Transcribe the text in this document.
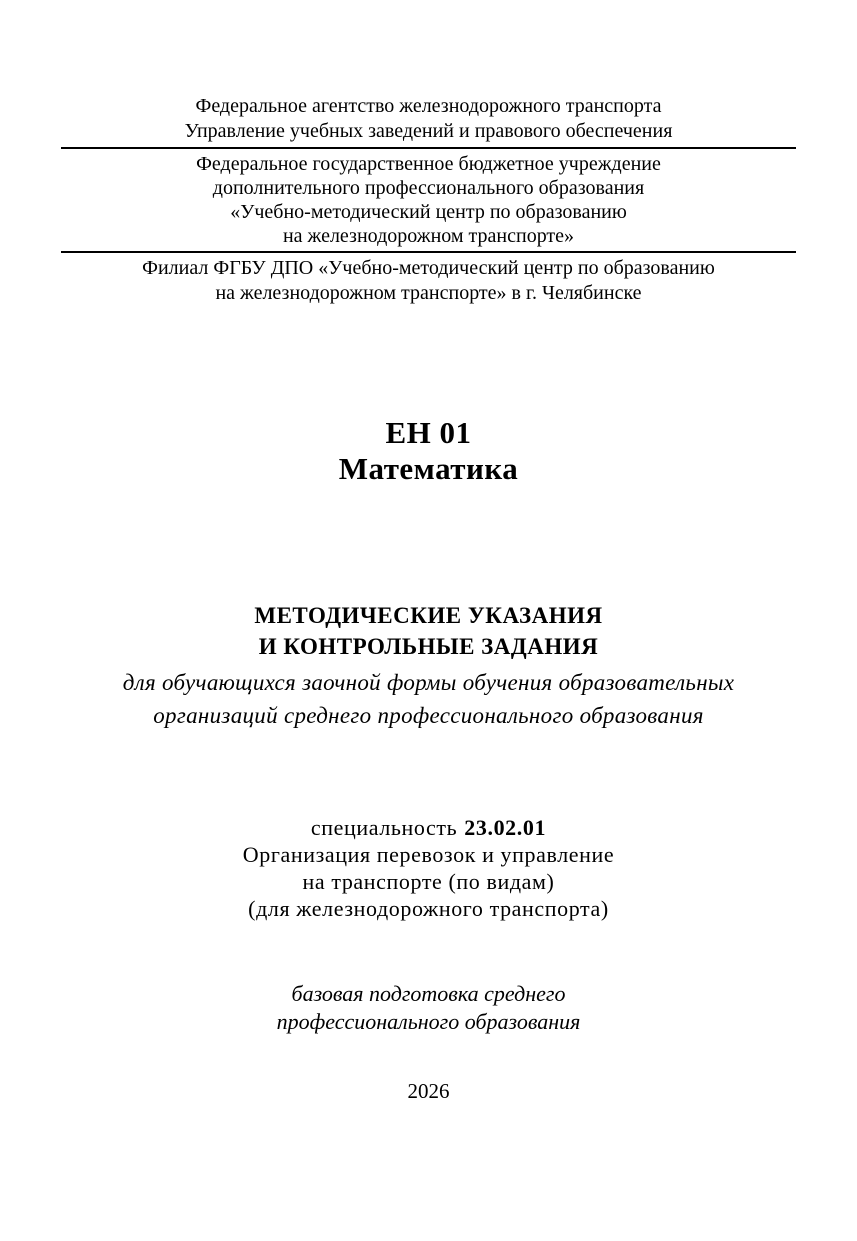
Федеральное агентство железнодорожного транспорта
Управление учебных заведений и правового обеспечения
Федеральное государственное бюджетное учреждение
дополнительного профессионального образования
«Учебно-методический центр по образованию
на железнодорожном транспорте»
Филиал ФГБУ ДПО «Учебно-методический центр по образованию
на железнодорожном транспорте» в г. Челябинске
ЕН 01
Математика
МЕТОДИЧЕСКИЕ УКАЗАНИЯ
И КОНТРОЛЬНЫЕ ЗАДАНИЯ
для обучающихся заочной формы обучения образовательных
организаций среднего профессионального образования
специальность 23.02.01
Организация перевозок и управление
на транспорте (по видам)
(для железнодорожного транспорта)
базовая подготовка среднего
профессионального образования
2026
